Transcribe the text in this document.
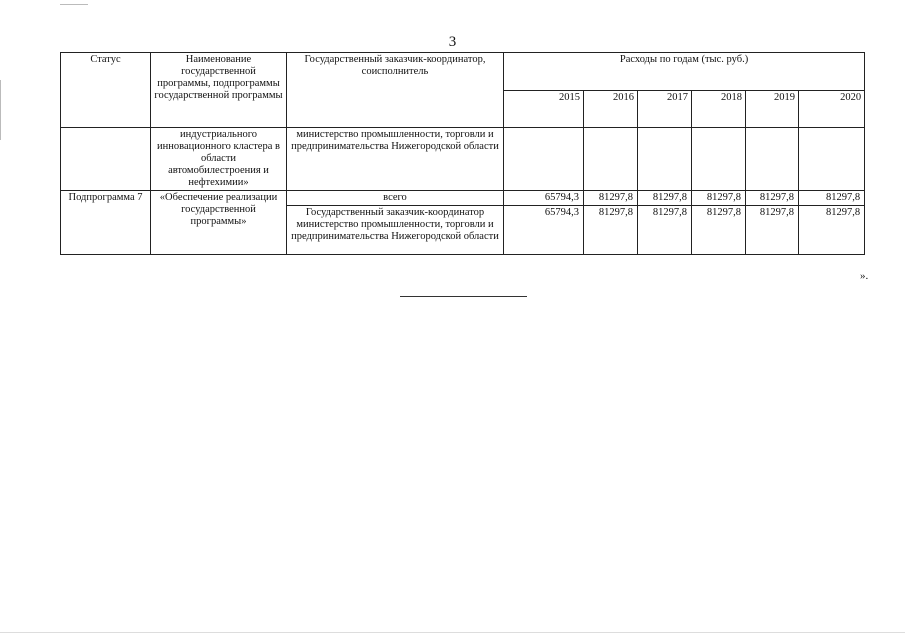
3
Статус	Наименование государственной программы, подпрограммы государственной программы	Государственный заказчик-координатор, соисполнитель	Расходы по годам (тыс. руб.)					
			2015	2016	2017	2018	2019	2020
	индустриального инновационного кластера в области автомобилестроения и нефтехимии»	министерство промышленности, торговли и предпринимательства Нижегородской области						
Подпрограмма 7	«Обеспечение реализации государственной программы»	всего	65794,3	81297,8	81297,8	81297,8	81297,8	81297,8
		Государственный заказчик-координатор министерство промышленности, торговли и предпринимательства Нижегородской области	65794,3	81297,8	81297,8	81297,8	81297,8	81297,8
».
